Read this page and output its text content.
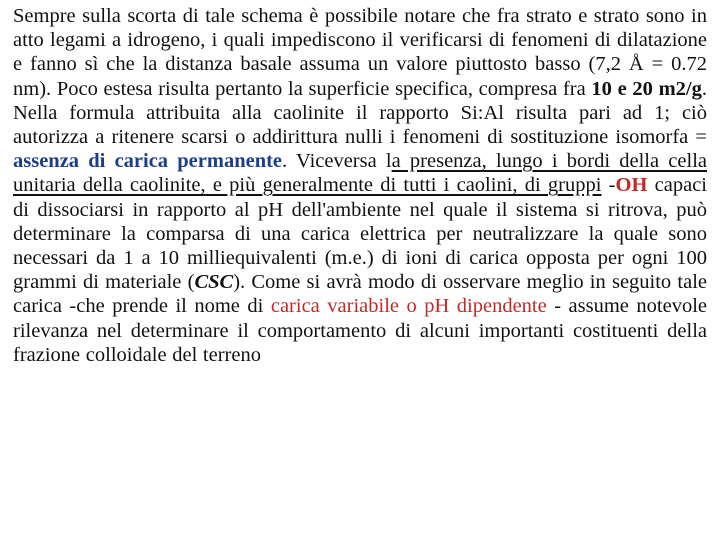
Sempre sulla scorta di tale schema è possibile notare che fra strato e strato sono in atto legami a idrogeno, i quali impediscono il verificarsi di fenomeni di dilatazione e fanno sì che la distanza basale assuma un valore piuttosto basso (7,2 Å = 0.72 nm). Poco estesa risulta pertanto la superficie specifica, compresa fra 10 e 20 m2/g. Nella formula attribuita alla caolinite il rapporto Si:Al risulta pari ad 1; ciò autorizza a ritenere scarsi o addirittura nulli i fenomeni di sostituzione isomorfa = assenza di carica permanente. Viceversa la presenza, lungo i bordi della cella unitaria della caolinite, e più generalmente di tutti i caolini, di gruppi -OH capaci di dissociarsi in rapporto al pH dell'ambiente nel quale il sistema si ritrova, può determinare la comparsa di una carica elettrica per neutralizzare la quale sono necessari da 1 a 10 milliequivalenti (m.e.) di ioni di carica opposta per ogni 100 grammi di materiale (CSC). Come si avrà modo di osservare meglio in seguito tale carica -che prende il nome di carica variabile o pH dipendente - assume notevole rilevanza nel determinare il comportamento di alcuni importanti costituenti della frazione colloidale del terreno
